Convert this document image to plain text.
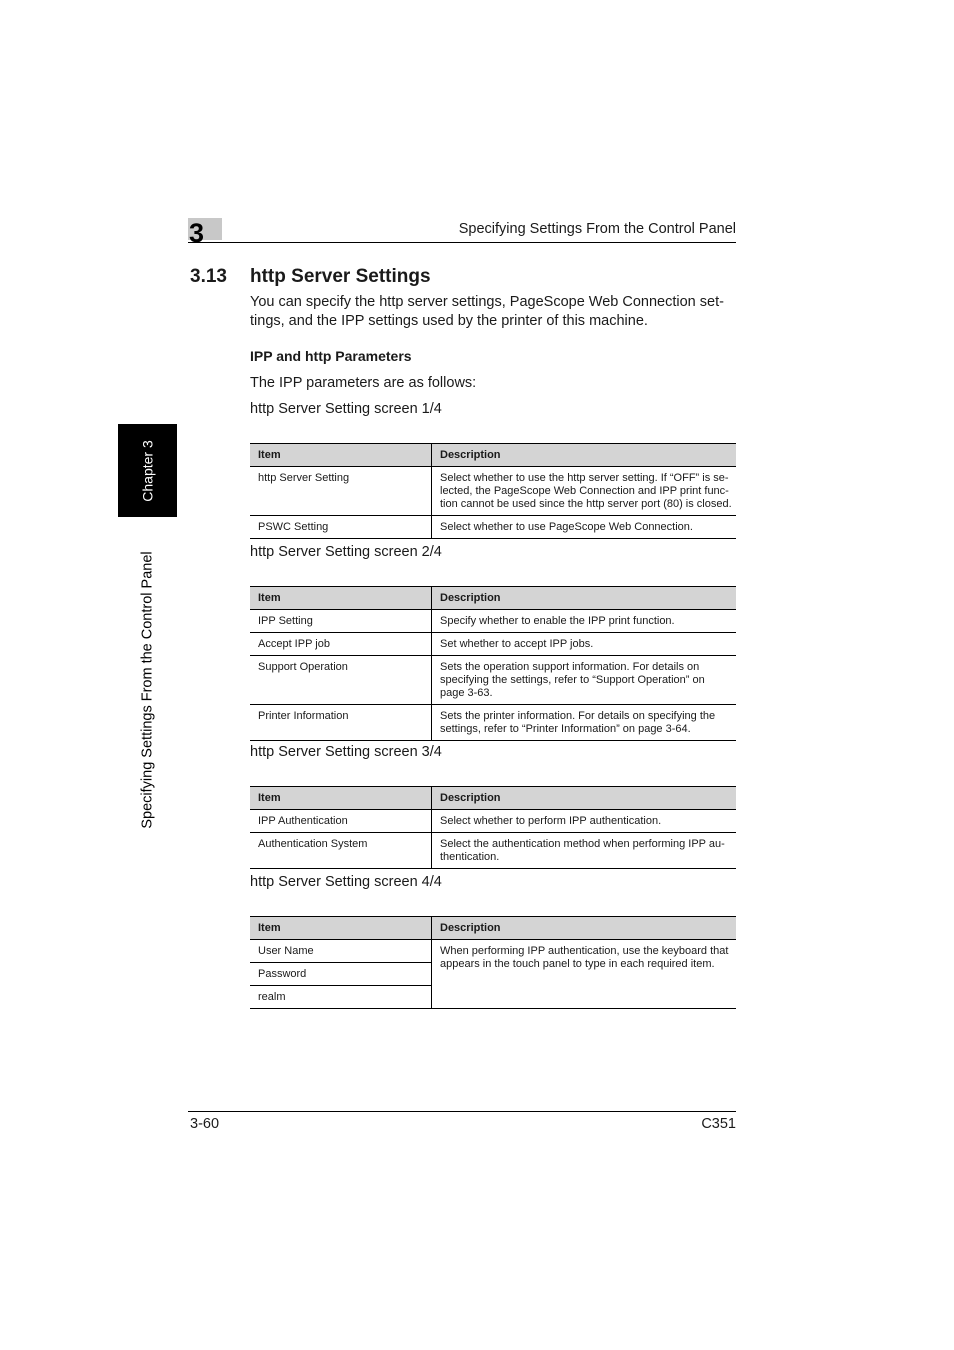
3	Specifying Settings From the Control Panel
Chapter 3
Specifying Settings From the Control Panel
3.13 http Server Settings
You can specify the http server settings, PageScope Web Connection set-tings, and the IPP settings used by the printer of this machine.
IPP and http Parameters
The IPP parameters are as follows:
http Server Setting screen 1/4
Item	Description
http Server Setting	Select whether to use the http server setting. If “OFF” is se-lected, the PageScope Web Connection and IPP print func-tion cannot be used since the http server port (80) is closed.
PSWC Setting	Select whether to use PageScope Web Connection.
http Server Setting screen 2/4
Item	Description
IPP Setting	Specify whether to enable the IPP print function.
Accept IPP job	Set whether to accept IPP jobs.
Support Operation	Sets the operation support information. For details on specifying the settings, refer to “Support Operation” on page 3-63.
Printer Information	Sets the printer information. For details on specifying the settings, refer to “Printer Information” on page 3-64.
http Server Setting screen 3/4
Item	Description
IPP Authentication	Select whether to perform IPP authentication.
Authentication System	Select the authentication method when performing IPP au-thentication.
http Server Setting screen 4/4
Item	Description
User Name	When performing IPP authentication, use the keyboard that appears in the touch panel to type in each required item.
Password	
realm	
3-60	C351
